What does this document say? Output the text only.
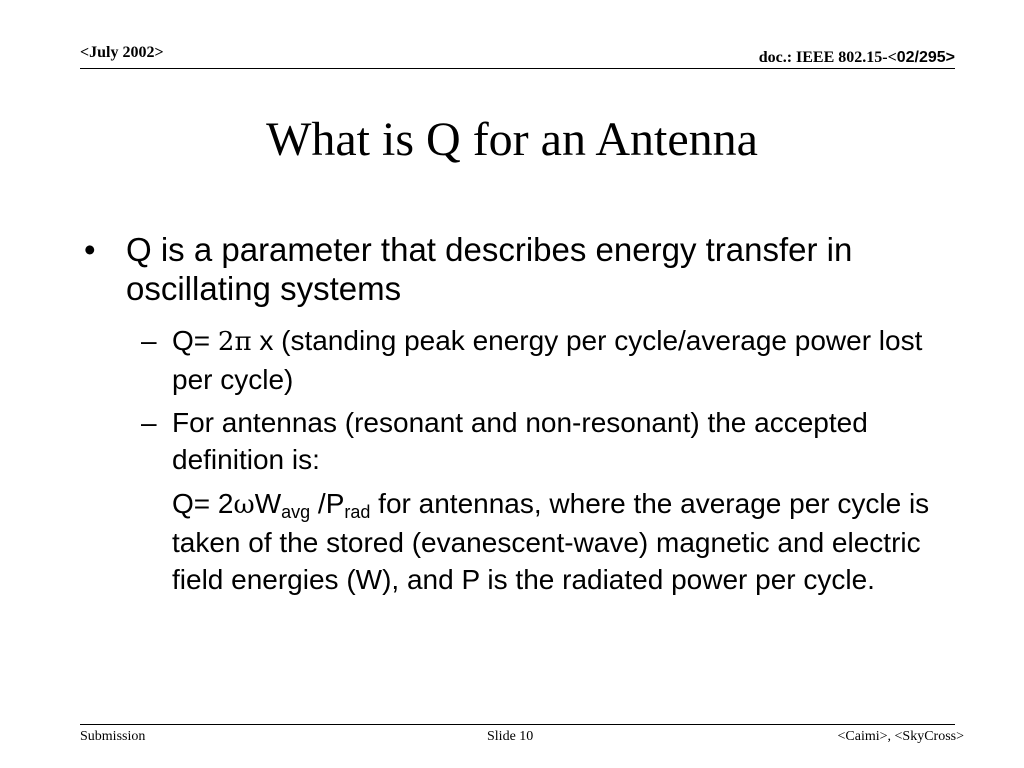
<July 2002>	doc.: IEEE 802.15-<02/295>
What is Q for an Antenna
• Q is a parameter that describes energy transfer in oscillating systems
– Q= 2π x (standing peak energy per cycle/average power lost per cycle)
– For antennas (resonant and non-resonant) the accepted definition is:
$Q= 2\omega W_{avg}$ $/P_{rad}$ for antennas, where the average per cycle is taken of the stored (evanescent-wave) magnetic and electric field energies (W), and P is the radiated power per cycle.
Submission	Slide 10	<Caimi>, <SkyCross>
